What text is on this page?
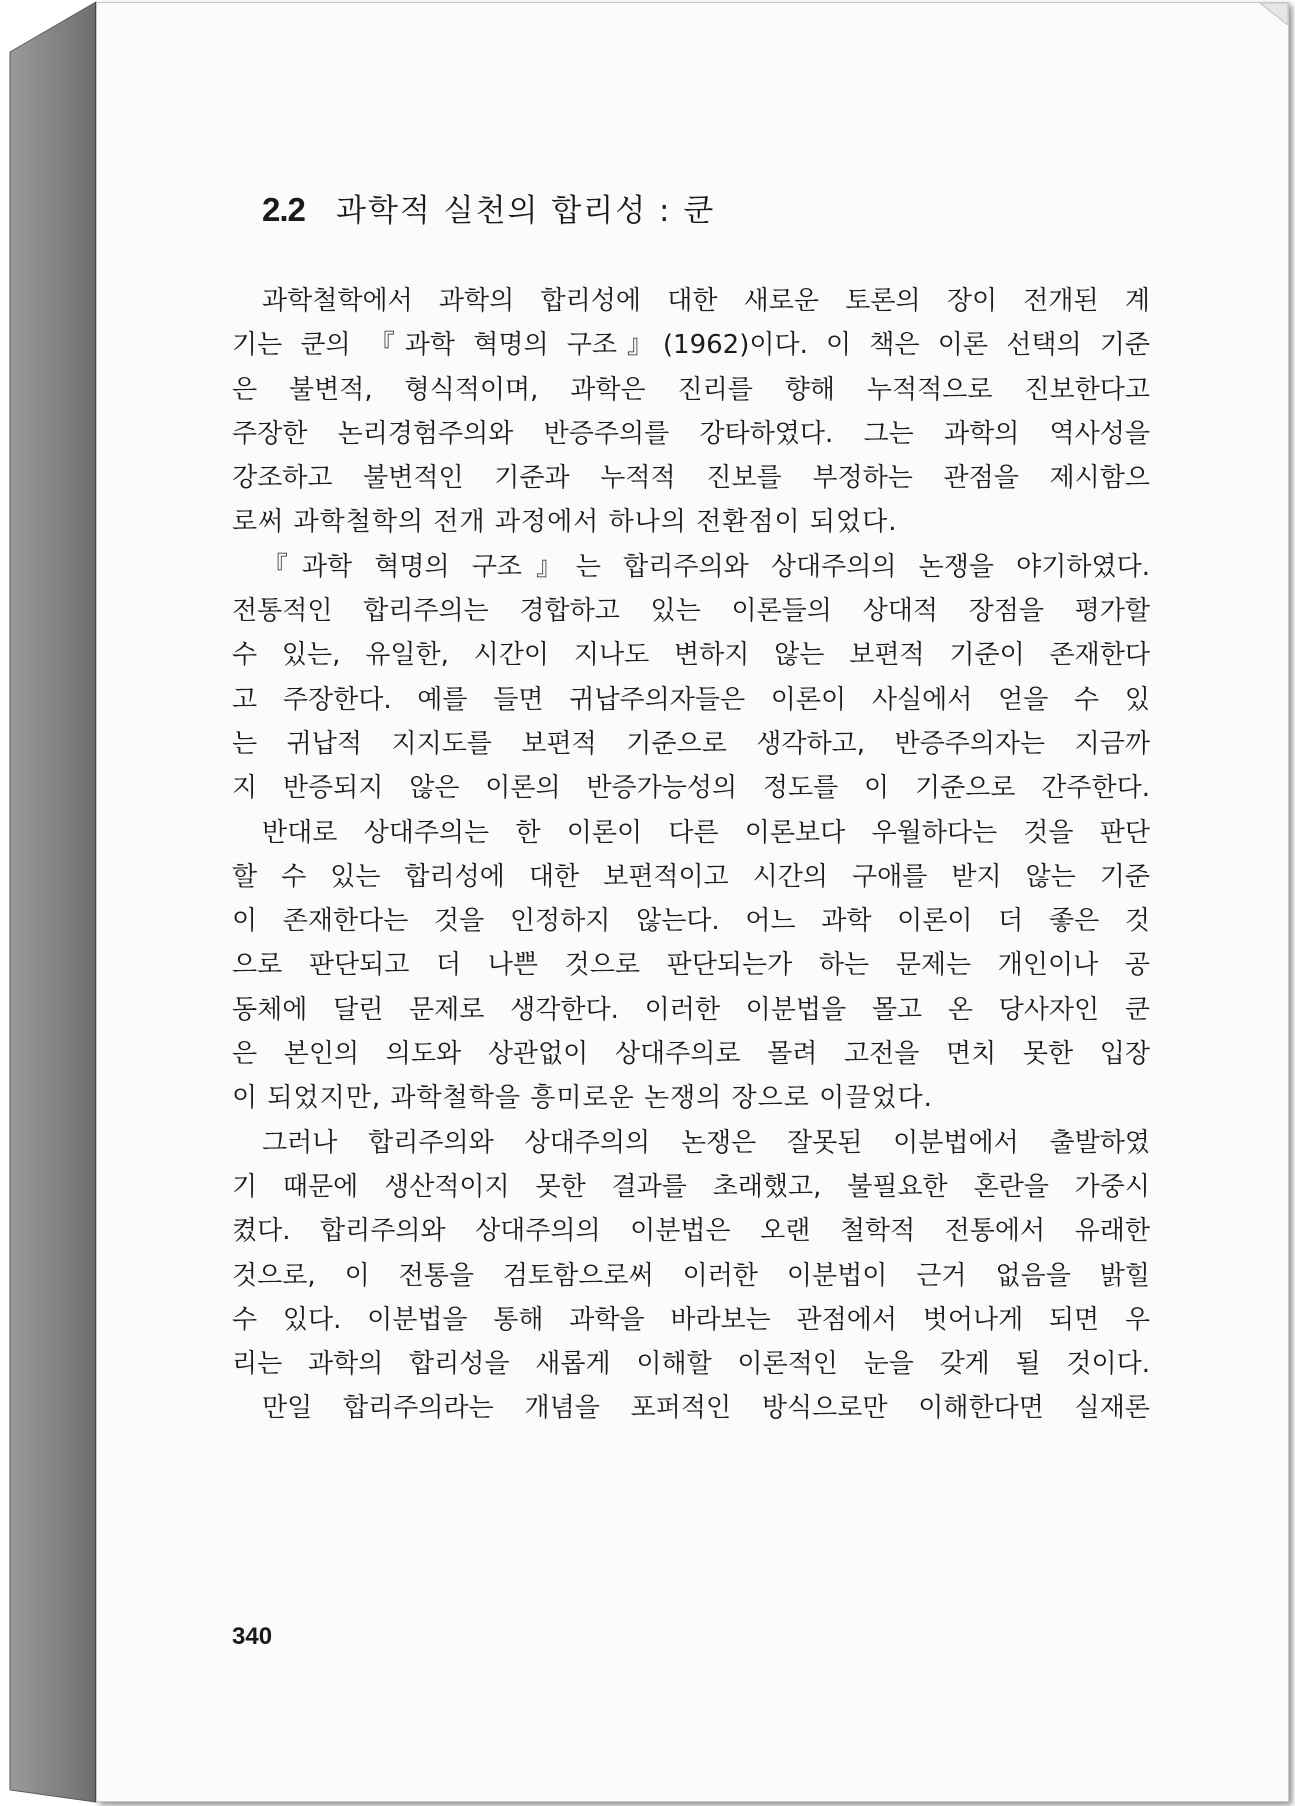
2.2 과학적 실천의 합리성 : 쿤
과학철학에서 과학의 합리성에 대한 새로운 토론의 장이 전개된 계
기는 쿤의 『과학 혁명의 구조』(1962)이다. 이 책은 이론 선택의 기준
은 불변적, 형식적이며, 과학은 진리를 향해 누적적으로 진보한다고
주장한 논리경험주의와 반증주의를 강타하였다. 그는 과학의 역사성을
강조하고 불변적인 기준과 누적적 진보를 부정하는 관점을 제시함으
로써 과학철학의 전개 과정에서 하나의 전환점이 되었다.
『과학 혁명의 구조』는 합리주의와 상대주의의 논쟁을 야기하였다.
전통적인 합리주의는 경합하고 있는 이론들의 상대적 장점을 평가할
수 있는, 유일한, 시간이 지나도 변하지 않는 보편적 기준이 존재한다
고 주장한다. 예를 들면 귀납주의자들은 이론이 사실에서 얻을 수 있
는 귀납적 지지도를 보편적 기준으로 생각하고, 반증주의자는 지금까
지 반증되지 않은 이론의 반증가능성의 정도를 이 기준으로 간주한다.
반대로 상대주의는 한 이론이 다른 이론보다 우월하다는 것을 판단
할 수 있는 합리성에 대한 보편적이고 시간의 구애를 받지 않는 기준
이 존재한다는 것을 인정하지 않는다. 어느 과학 이론이 더 좋은 것
으로 판단되고 더 나쁜 것으로 판단되는가 하는 문제는 개인이나 공
동체에 달린 문제로 생각한다. 이러한 이분법을 몰고 온 당사자인 쿤
은 본인의 의도와 상관없이 상대주의로 몰려 고전을 면치 못한 입장
이 되었지만, 과학철학을 흥미로운 논쟁의 장으로 이끌었다.
그러나 합리주의와 상대주의의 논쟁은 잘못된 이분법에서 출발하였
기 때문에 생산적이지 못한 결과를 초래했고, 불필요한 혼란을 가중시
켰다. 합리주의와 상대주의의 이분법은 오랜 철학적 전통에서 유래한
것으로, 이 전통을 검토함으로써 이러한 이분법이 근거 없음을 밝힐
수 있다. 이분법을 통해 과학을 바라보는 관점에서 벗어나게 되면 우
리는 과학의 합리성을 새롭게 이해할 이론적인 눈을 갖게 될 것이다.
만일 합리주의라는 개념을 포퍼적인 방식으로만 이해한다면 실재론
340
